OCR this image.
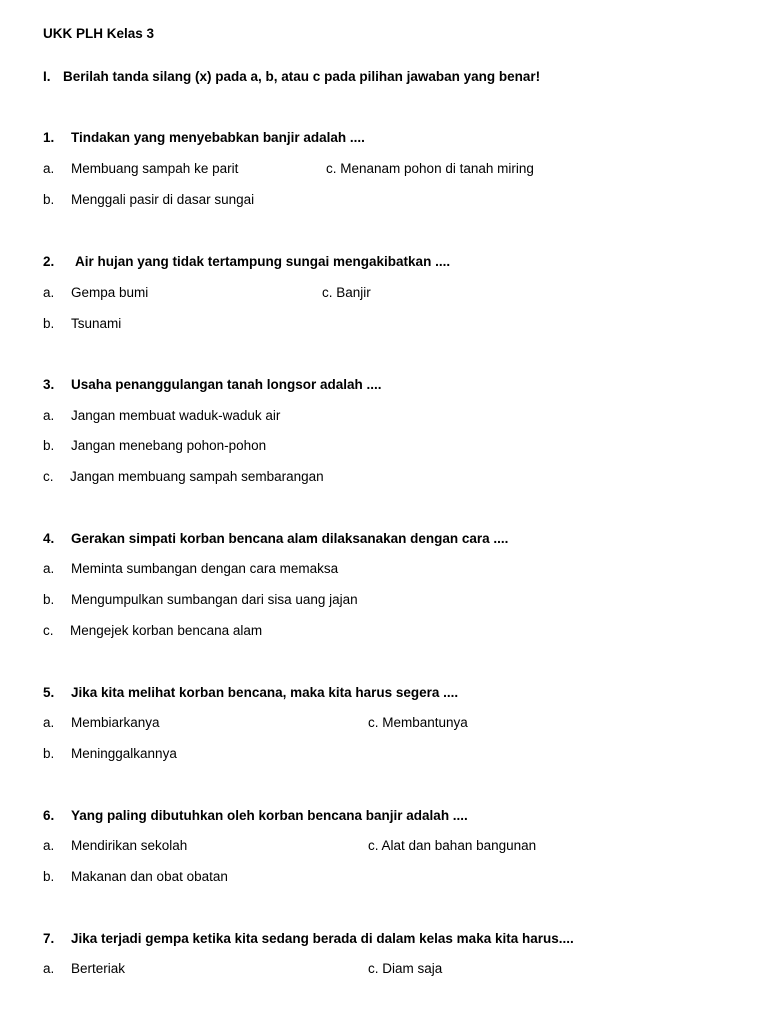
UKK PLH Kelas 3
I. Berilah tanda silang (x) pada a, b, atau c pada pilihan jawaban yang benar!
1. Tindakan yang menyebabkan banjir adalah ....
a. Membuang sampah ke parit	c. Menanam pohon di tanah miring
b. Menggali pasir di dasar sungai
2. Air hujan yang tidak tertampung sungai mengakibatkan ....
a. Gempa bumi	c. Banjir
b. Tsunami
3. Usaha penanggulangan tanah longsor adalah ....
a. Jangan membuat waduk-waduk air
b. Jangan menebang pohon-pohon
c. Jangan membuang sampah sembarangan
4. Gerakan simpati korban bencana alam dilaksanakan dengan cara ....
a. Meminta sumbangan dengan cara memaksa
b. Mengumpulkan sumbangan dari sisa uang jajan
c. Mengejek korban bencana alam
5. Jika kita melihat korban bencana, maka kita harus segera ....
a. Membiarkanya	c. Membantunya
b. Meninggalkannya
6. Yang paling dibutuhkan oleh korban bencana banjir adalah ....
a. Mendirikan sekolah	c. Alat dan bahan bangunan
b. Makanan dan obat obatan
7. Jika terjadi gempa ketika kita sedang berada di dalam kelas maka kita harus....
a. Berteriak	c. Diam saja
